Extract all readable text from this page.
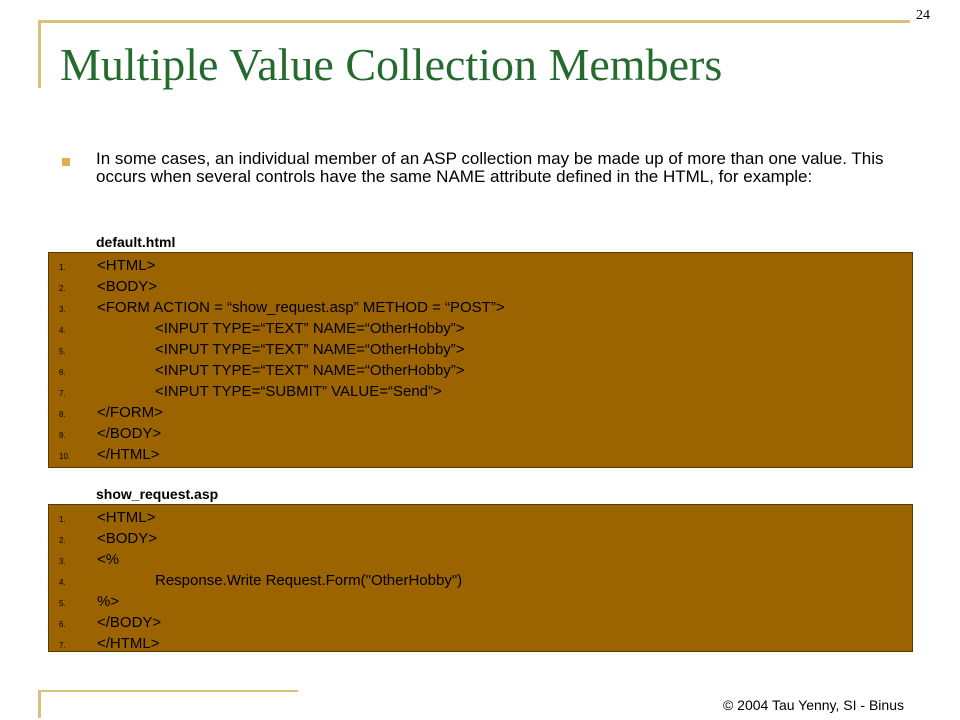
24
Multiple Value Collection Members
In some cases, an individual member of an ASP collection may be made up of more than one value. This occurs when several controls have the same NAME attribute defined in the HTML, for example:
default.html
1.	<HTML>
2.	<BODY>
3.	<FORM ACTION = “show_request.asp” METHOD = “POST”>
4.	<INPUT TYPE=“TEXT” NAME=“OtherHobby”>
5.	<INPUT TYPE=“TEXT” NAME=“OtherHobby”>
6.	<INPUT TYPE=“TEXT” NAME=“OtherHobby”>
7.	<INPUT TYPE=“SUBMIT” VALUE=“Send”>
8.	</FORM>
9.	</BODY>
10.	</HTML>
show_request.asp
1.	<HTML>
2.	<BODY>
3.	<%
4.	Response.Write Request.Form("OtherHobby")
5.	%>
6.	</BODY>
7.	</HTML>
© 2004 Tau Yenny, SI - Binus
